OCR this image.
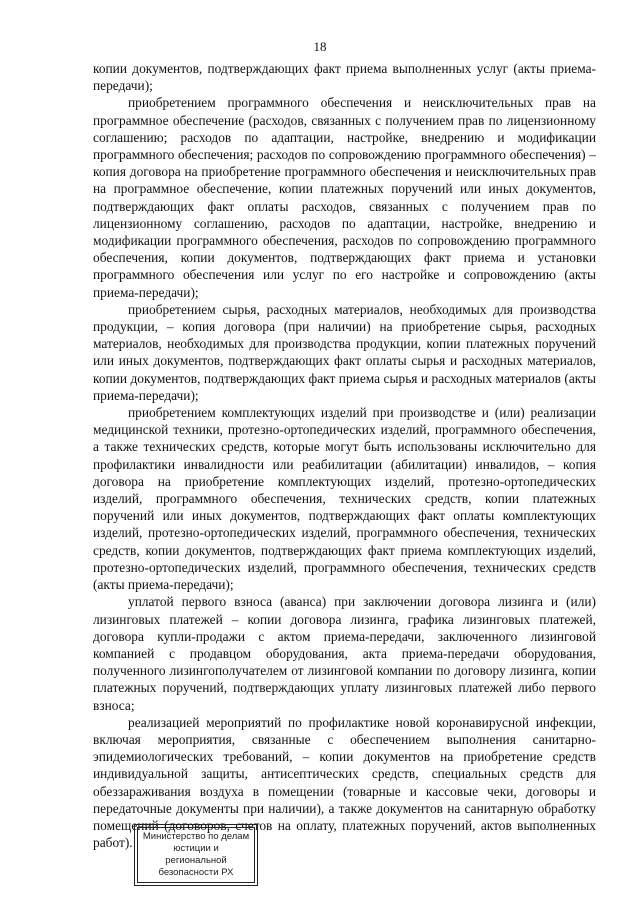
18

копии документов, подтверждающих факт приема выполненных услуг (акты приема-передачи);

приобретением программного обеспечения и неисключительных прав на программное обеспечение (расходов, связанных с получением прав по лицензионному соглашению; расходов по адаптации, настройке, внедрению и модификации программного обеспечения; расходов по сопровождению программного обеспечения) – копия договора на приобретение программного обеспечения и неисключительных прав на программное обеспечение, копии платежных поручений или иных документов, подтверждающих факт оплаты расходов, связанных с получением прав по лицензионному соглашению, расходов по адаптации, настройке, внедрению и модификации программного обеспечения, расходов по сопровождению программного обеспечения, копии документов, подтверждающих факт приема и установки программного обеспечения или услуг по его настройке и сопровождению (акты приема-передачи);

приобретением сырья, расходных материалов, необходимых для производства продукции, – копия договора (при наличии) на приобретение сырья, расходных материалов, необходимых для производства продукции, копии платежных поручений или иных документов, подтверждающих факт оплаты сырья и расходных материалов, копии документов, подтверждающих факт приема сырья и расходных материалов (акты приема-передачи);

приобретением комплектующих изделий при производстве и (или) реализации медицинской техники, протезно-ортопедических изделий, программного обеспечения, а также технических средств, которые могут быть использованы исключительно для профилактики инвалидности или реабилитации (абилитации) инвалидов, – копия договора на приобретение комплектующих изделий, протезно-ортопедических изделий, программного обеспечения, технических средств, копии платежных поручений или иных документов, подтверждающих факт оплаты комплектующих изделий, протезно-ортопедических изделий, программного обеспечения, технических средств, копии документов, подтверждающих факт приема комплектующих изделий, протезно-ортопедических изделий, программного обеспечения, технических средств (акты приема-передачи);

уплатой первого взноса (аванса) при заключении договора лизинга и (или) лизинговых платежей – копии договора лизинга, графика лизинговых платежей, договора купли-продажи с актом приема-передачи, заключенного лизинговой компанией с продавцом оборудования, акта приема-передачи оборудования, полученного лизингополучателем от лизинговой компании по договору лизинга, копии платежных поручений, подтверждающих уплату лизинговых платежей либо первого взноса;

реализацией мероприятий по профилактике новой коронавирусной инфекции, включая мероприятия, связанные с обеспечением выполнения санитарно-эпидемиологических требований, – копии документов на приобретение средств индивидуальной защиты, антисептических средств, специальных средств для обеззараживания воздуха в помещении (товарные и кассовые чеки, договоры и передаточные документы при наличии), а также документов на санитарную обработку помещений (договоров, счетов на оплату, платежных поручений, актов выполненных работ).	Министерство по делам
юстиции и региональной
безопасности РХ
